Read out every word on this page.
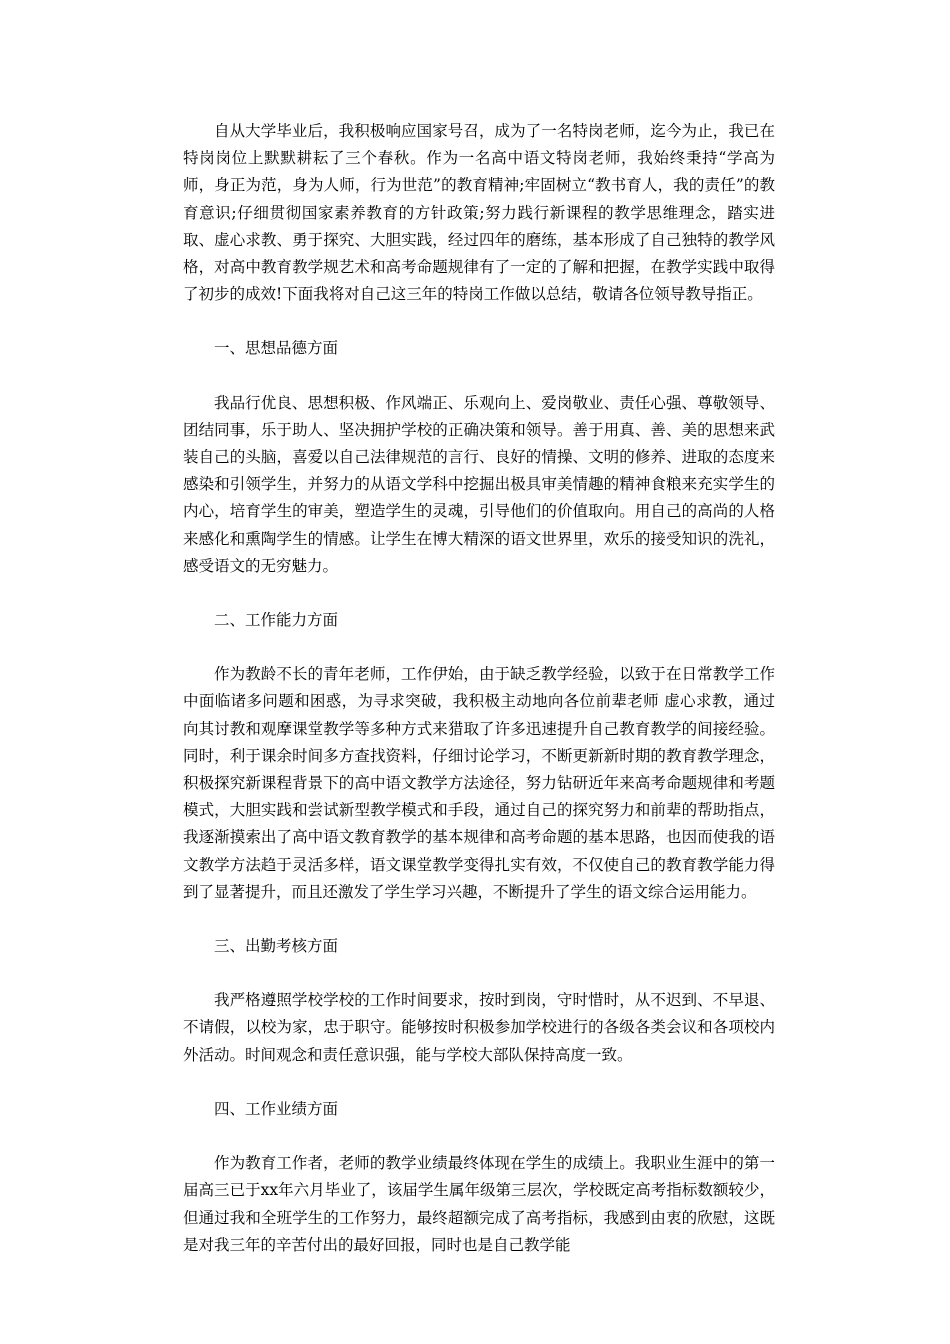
自从大学毕业后，我积极响应国家号召，成为了一名特岗老师，迄今为止，我已在特岗岗位上默默耕耘了三个春秋。作为一名高中语文特岗老师，我始终秉持“学高为师，身正为范，身为人师，行为世范”的教育精神;牢固树立“教书育人，我的责任”的教育意识;仔细贯彻国家素养教育的方针政策;努力践行新课程的教学思维理念，踏实进取、虚心求教、勇于探究、大胆实践，经过四年的磨练，基本形成了自己独特的教学风格，对高中教育教学规艺术和高考命题规律有了一定的了解和把握，在教学实践中取得了初步的成效!下面我将对自己这三年的特岗工作做以总结，敬请各位领导教导指正。

一、思想品德方面

我品行优良、思想积极、作风端正、乐观向上、爱岗敬业、责任心强、尊敬领导、团结同事，乐于助人、坚决拥护学校的正确决策和领导。善于用真、善、美的思想来武装自己的头脑，喜爱以自己法律规范的言行、良好的情操、文明的修养、进取的态度来感染和引领学生，并努力的从语文学科中挖掘出极具审美情趣的精神食粮来充实学生的内心，培育学生的审美，塑造学生的灵魂，引导他们的价值取向。用自己的高尚的人格来感化和熏陶学生的情感。让学生在博大精深的语文世界里，欢乐的接受知识的洗礼，感受语文的无穷魅力。

二、工作能力方面

作为教龄不长的青年老师，工作伊始，由于缺乏教学经验，以致于在日常教学工作中面临诸多问题和困惑，为寻求突破，我积极主动地向各位前辈老师 虚心求教，通过向其讨教和观摩课堂教学等多种方式来猎取了许多迅速提升自己教育教学的间接经验。同时，利于课余时间多方查找资料，仔细讨论学习，不断更新新时期的教育教学理念，积极探究新课程背景下的高中语文教学方法途径，努力钻研近年来高考命题规律和考题模式，大胆实践和尝试新型教学模式和手段，通过自己的探究努力和前辈的帮助指点，我逐渐摸索出了高中语文教育教学的基本规律和高考命题的基本思路，也因而使我的语文教学方法趋于灵活多样，语文课堂教学变得扎实有效，不仅使自己的教育教学能力得到了显著提升，而且还激发了学生学习兴趣，不断提升了学生的语文综合运用能力。

三、出勤考核方面

我严格遵照学校学校的工作时间要求，按时到岗，守时惜时，从不迟到、不早退、不请假，以校为家，忠于职守。能够按时积极参加学校进行的各级各类会议和各项校内外活动。时间观念和责任意识强，能与学校大部队保持高度一致。

四、工作业绩方面

作为教育工作者，老师的教学业绩最终体现在学生的成绩上。我职业生涯中的第一届高三已于xx年六月毕业了，该届学生属年级第三层次，学校既定高考指标数额较少，但通过我和全班学生的工作努力，最终超额完成了高考指标，我感到由衷的欣慰，这既是对我三年的辛苦付出的最好回报，同时也是自己教学能
